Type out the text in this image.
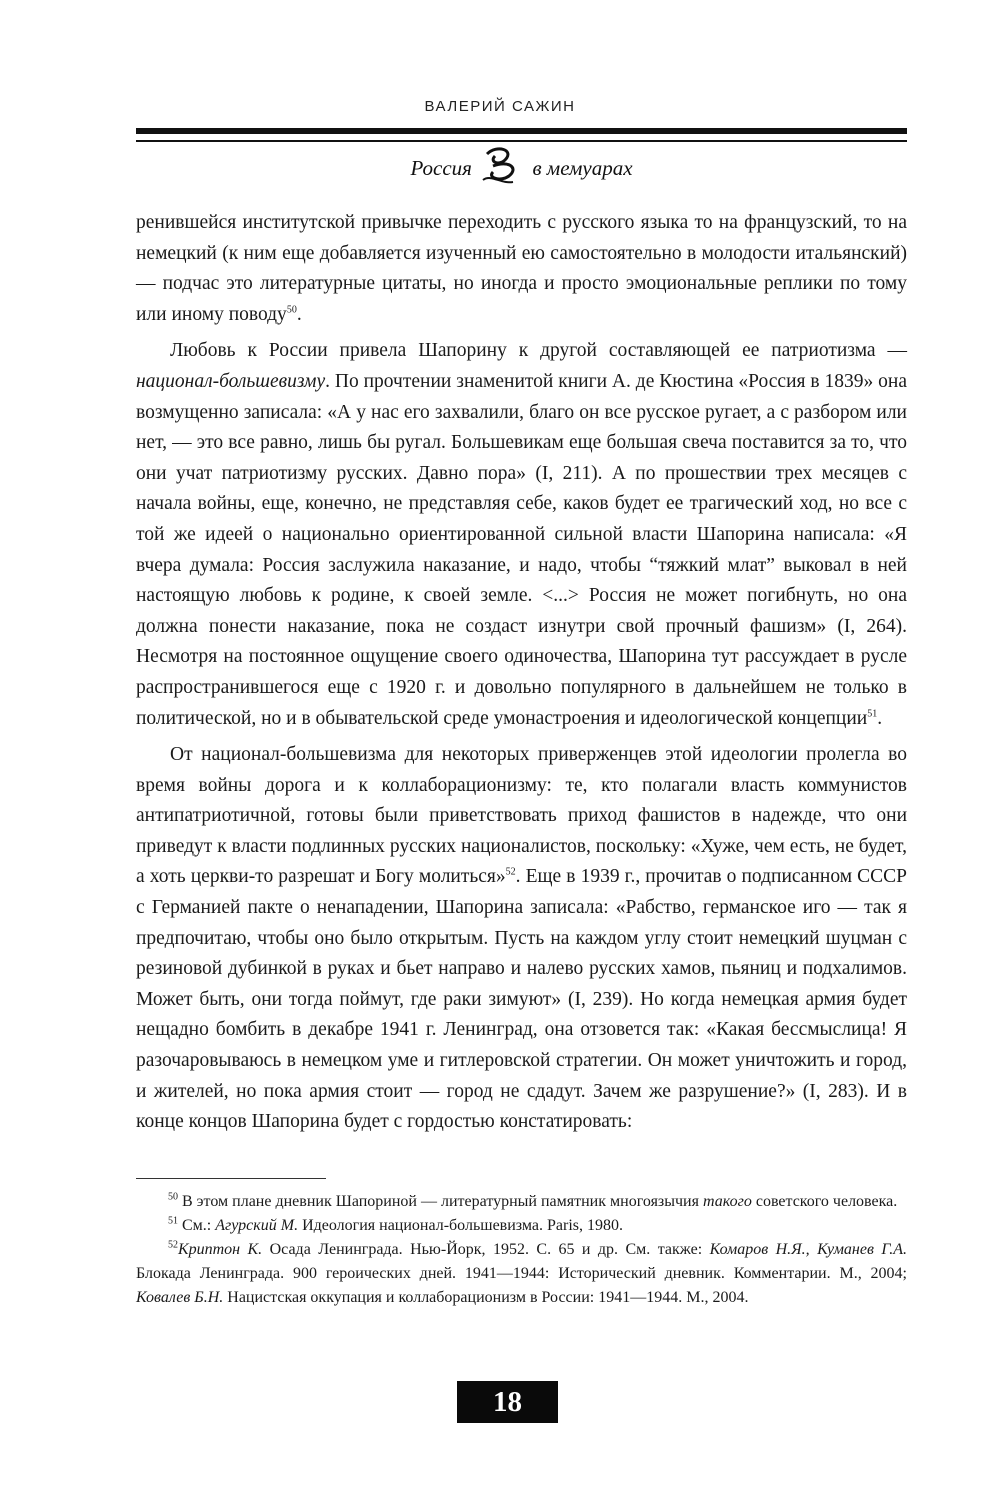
ВАЛЕРИЙ САЖИН
Россия	в мемуарах

ренившейся институтской привычке переходить с русского языка то на французский, то на немецкий (к ним еще добавляется изученный ею самостоятельно в молодости итальянский) — подчас это литературные цитаты, но иногда и просто эмоциональные реплики по тому или иному поводу$^{50}$.

Любовь к России привела Шапорину к другой составляющей ее патриотизма — национал-большевизму. По прочтении знаменитой книги А. де Кюстина «Россия в 1839» она возмущенно записала: «А у нас его захвалили, благо он все русское ругает, а с разбором или нет, — это все равно, лишь бы ругал. Большевикам еще большая свеча поставится за то, что они учат патриотизму русских. Давно пора» (I, 211). А по прошествии трех месяцев с начала войны, еще, конечно, не представляя себе, каков будет ее трагический ход, но все с той же идеей о национально ориентированной сильной власти Шапорина написала: «Я вчера думала: Россия заслужила наказание, и надо, чтобы “тяжкий млат” выковал в ней настоящую любовь к родине, к своей земле. <...> Россия не может погибнуть, но она должна понести наказание, пока не создаст изнутри свой прочный фашизм» (I, 264). Несмотря на постоянное ощущение своего одиночества, Шапорина тут рассуждает в русле распространившегося еще с 1920 г. и довольно популярного в дальнейшем не только в политической, но и в обывательской среде умонастроения и идеологической концепции$^{51}$.

От национал-большевизма для некоторых приверженцев этой идеологии пролегла во время войны дорога и к коллаборационизму: те, кто полагали власть коммунистов антипатриотичной, готовы были приветствовать приход фашистов в надежде, что они приведут к власти подлинных русских националистов, поскольку: «Хуже, чем есть, не будет, а хоть церкви-то разрешат и Богу молиться»$^{52}$. Еще в 1939 г., прочитав о подписанном СССР с Германией пакте о ненападении, Шапорина записала: «Рабство, германское иго — так я предпочитаю, чтобы оно было открытым. Пусть на каждом углу стоит немецкий шуцман с резиновой дубинкой в руках и бьет направо и налево русских хамов, пьяниц и подхалимов. Может быть, они тогда поймут, где раки зимуют» (I, 239). Но когда немецкая армия будет нещадно бомбить в декабре 1941 г. Ленинград, она отзовется так: «Какая бессмыслица! Я разочаровываюсь в немецком уме и гитлеровской стратегии. Он может уничтожить и город, и жителей, но пока армия стоит — город не сдадут. Зачем же разрушение?» (I, 283). И в конце концов Шапорина будет с гордостью констатировать:

$^{50}$ В этом плане дневник Шапориной — литературный памятник многоязычия такого советского человека.

$^{51}$ См.: Агурский М. Идеология национал-большевизма. Paris, 1980.

$^{52}$Криптон К. Осада Ленинграда. Нью-Йорк, 1952. С. 65 и др. См. также: Комаров Н.Я., Куманев Г.А. Блокада Ленинграда. 900 героических дней. 1941—1944: Исторический дневник. Комментарии. М., 2004; Ковалев Б.Н. Нацистская оккупация и коллаборационизм в России: 1941—1944. М., 2004.

18
